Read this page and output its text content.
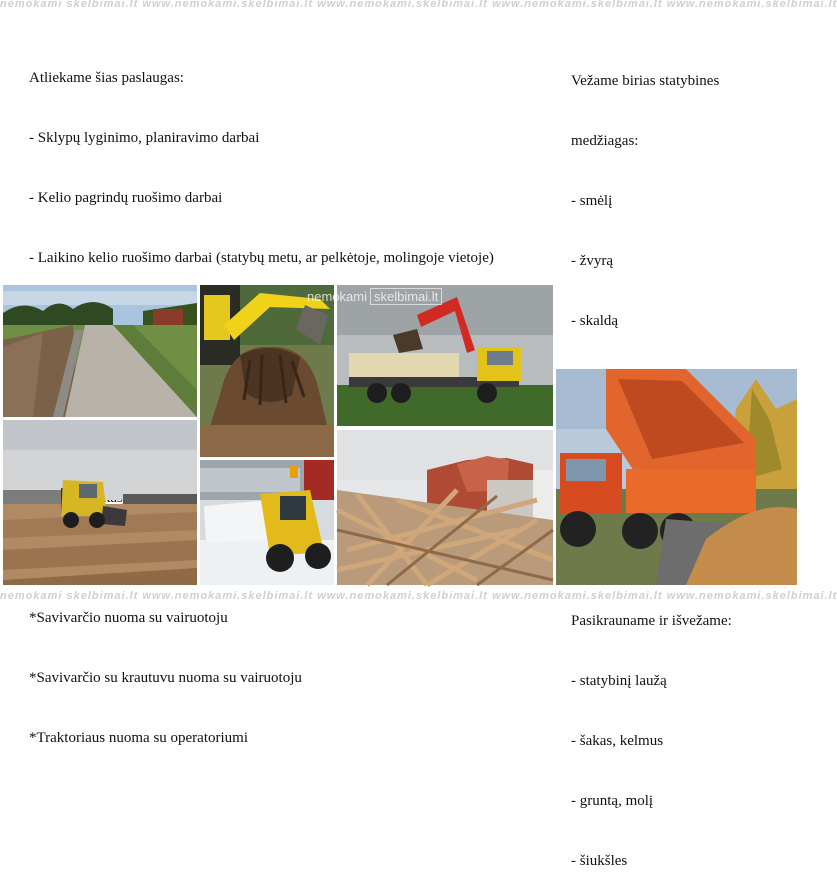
nemokami skelbimai.lt www.nemokami.skelbimai.lt www.nemokami.skelbimai.lt www.nemokami.skelbimai.lt www.nemokami.skelbimai.lt
nemokami skelbimai.lt www.nemokami.skelbimai.lt www.nemokami.skelbimai.lt www.nemokami.skelbimai.lt www.nemokami.skelbimai.lt

Atliekame šias paslaugas:

- Sklypų lyginimo, planiravimo darbai

- Kelio pagrindų ruošimo darbai

- Laikino kelio ruošimo darbai (statybų metu, ar pelkėtoje, molingoje vietoje)

*Savivarčio nuoma su vairuotoju

*Savivarčio su krautuvu nuoma su vairuotoju

*Traktoriaus nuoma su operatoriumi

Vežame birias statybines

medžiagas:

- smėlį

- žvyrą

- skaldą

Pasikrauname ir išvežame:

- statybinį laužą

- šakas, kelmus

- gruntą, molį

- šiukšles

nemokami skelbimai.lt
